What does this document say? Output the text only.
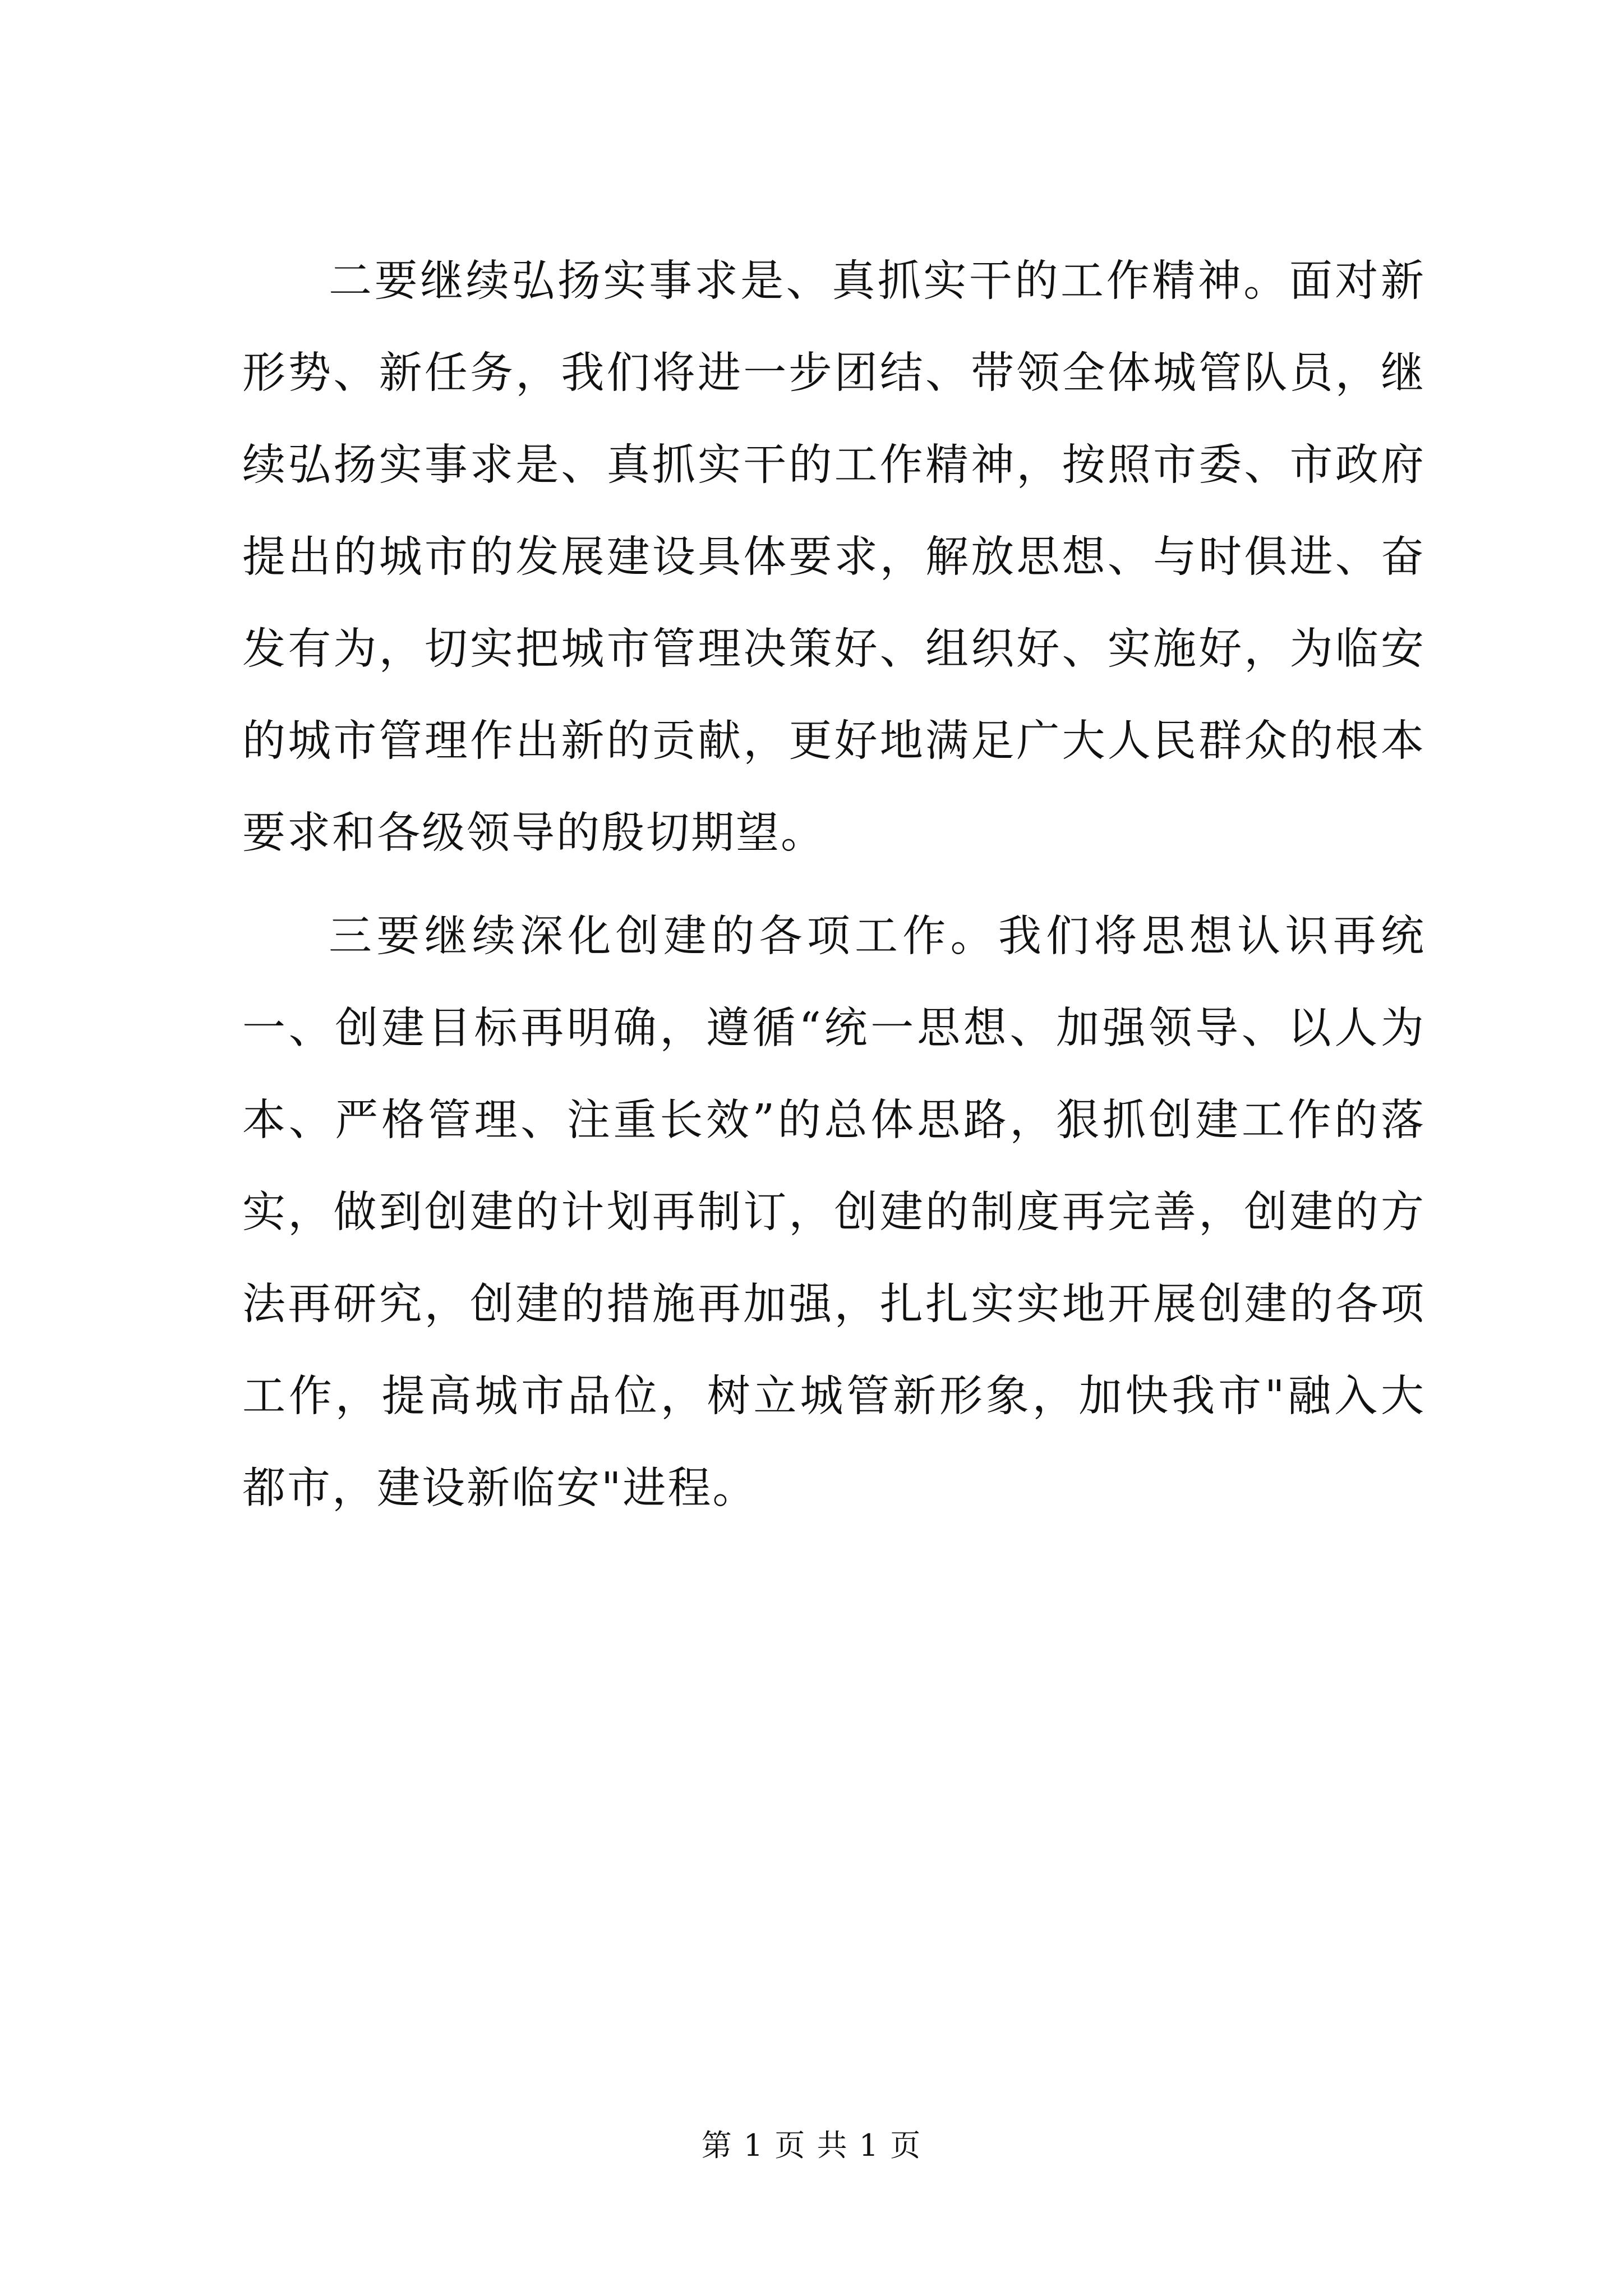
二要继续弘扬实事求是、真抓实干的工作精神。面对新形势、新任务，我们将进一步团结、带领全体城管队员，继续弘扬实事求是、真抓实干的工作精神，按照市委、市政府提出的城市的发展建设具体要求，解放思想、与时俱进、奋发有为，切实把城市管理决策好、组织好、实施好，为临安的城市管理作出新的贡献，更好地满足广大人民群众的根本要求和各级领导的殷切期望。

三要继续深化创建的各项工作。我们将思想认识再统一、创建目标再明确，遵循“统一思想、加强领导、以人为本、严格管理、注重长效”的总体思路，狠抓创建工作的落实，做到创建的计划再制订，创建的制度再完善，创建的方法再研究，创建的措施再加强，扎扎实实地开展创建的各项工作，提高城市品位，树立城管新形象，加快我市"融入大都市，建设新临安"进程。

第 1 页 共 1 页
